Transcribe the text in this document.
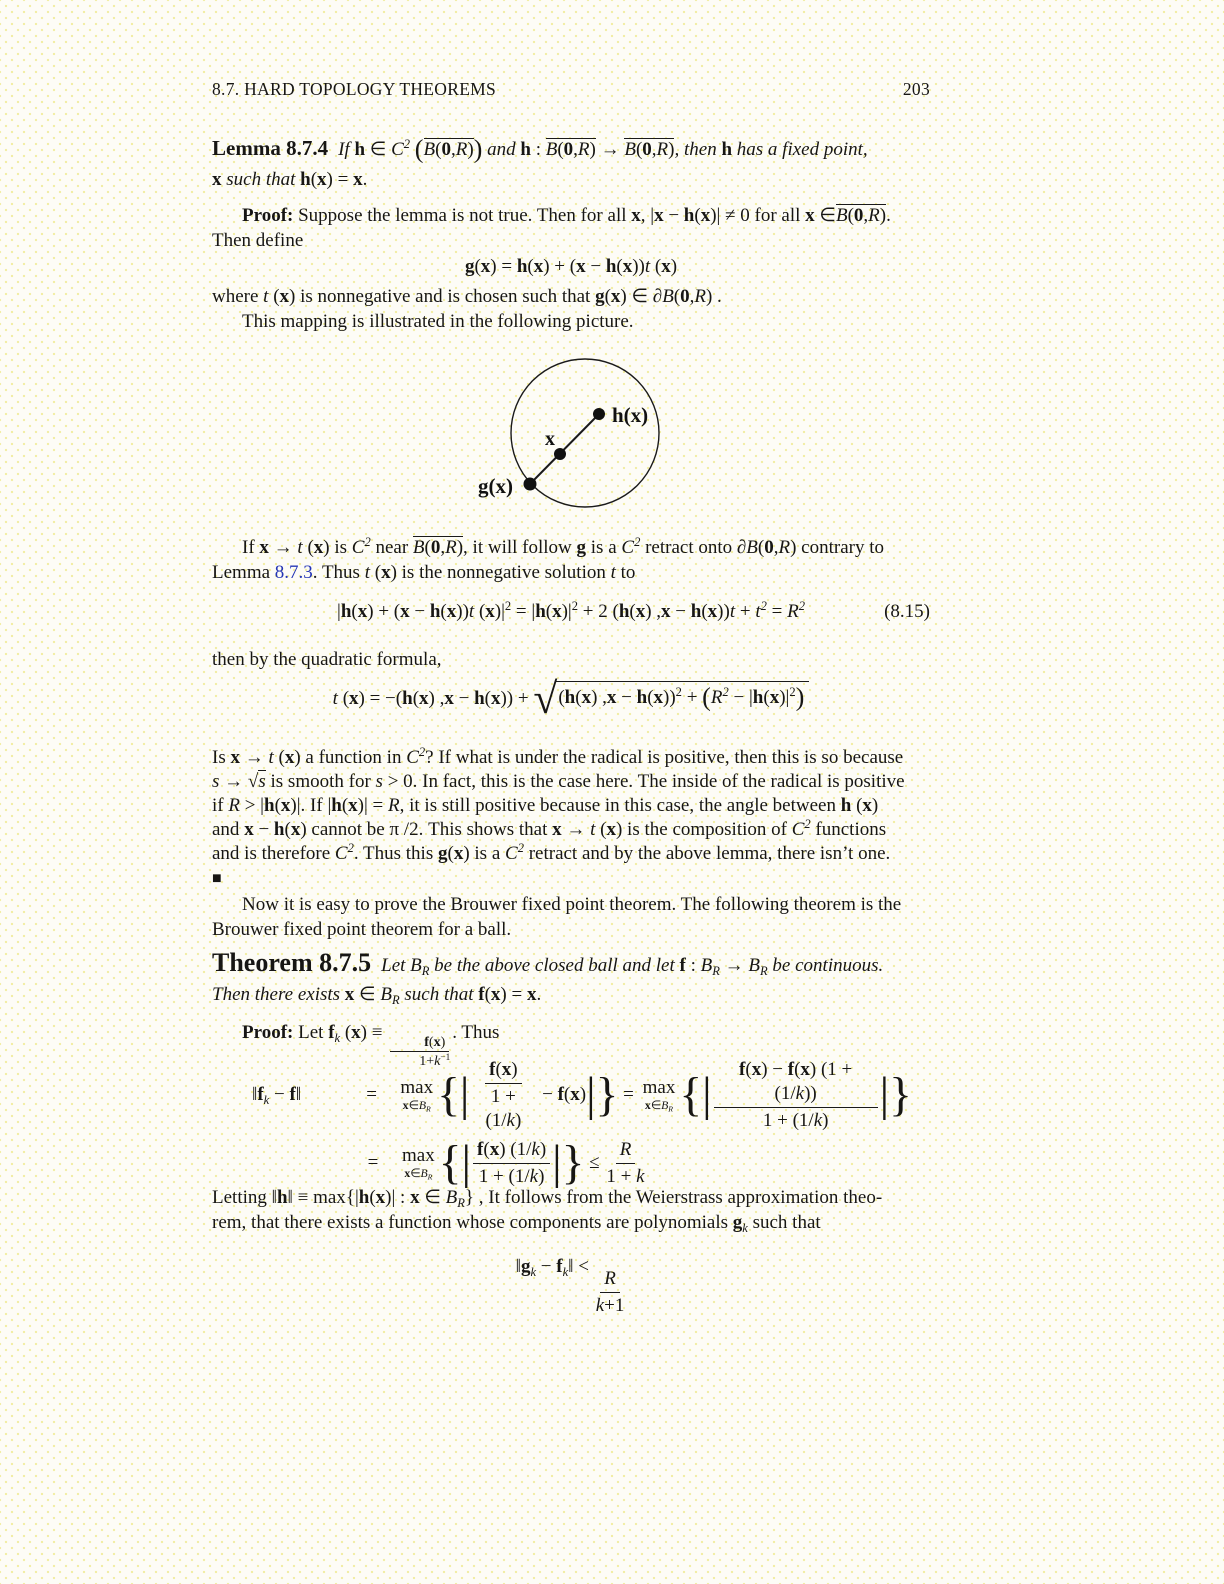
8.7. HARD TOPOLOGY THEOREMS	203
Lemma 8.7.4 If h ∈ $C^2$ (B(0,R)) and h : B(0,R) → B(0,R), then h has a fixed point,
x such that h(x) = x.
Proof: Suppose the lemma is not true. Then for all x, |x − h(x)| ≠ 0 for all x ∈B(0,R).
Then define
g(x) = h(x) + (x − h(x))t (x)
where t (x) is nonnegative and is chosen such that g(x) ∈ ∂B(0,R) .
This mapping is illustrated in the following picture.
h(x)
x
g(x)
If x → t (x) is $C^2$ near B(0,R), it will follow g is a $C^2$ retract onto ∂B(0,R) contrary to
Lemma 8.7.3. Thus t (x) is the nonnegative solution t to
|h(x) + (x − h(x))t $(x)|^2 = |h(x)|^2 + 2$ (h(x) $,x - h(x))t + t^2 = R^2$	(8.15)
then by the quadratic formula,
t (x) = −(h(x) ,x − h(x)) + √ (h(x) $,x - h(x))^2 + (R^2 - |h(x)|^2)$
Is x → t (x) a function in $C^2$? If what is under the radical is positive, then this is so because
s → √s is smooth for s > 0. In fact, this is the case here. The inside of the radical is positive
if R > |h(x)|. If |h(x)| = R, it is still positive because in this case, the angle between h (x)
and x − h(x) cannot be π /2. This shows that x → t (x) is the composition of $C^2$ functions
and is therefore $C^2$. Thus this g(x) is a $C^2$ retract and by the above lemma, there isn’t one.
■
Now it is easy to prove the Brouwer fixed point theorem. The following theorem is the
Brouwer fixed point theorem for a ball.
Theorem 8.7.5 Let $B_R$ be the above closed ball and let f : $B_R \to B_R$ be continuous.
Then there exists x ∈ $B_R$ such that f(x) = x.
Proof: Let $f_k$ (x) ≡
$\frac{f(x)}{1+k^{-1}}$
. Thus
$‖f_k$ − f‖	=	max
$x\in B_R$ { | $\frac{f(x)}{1 + (1/k)} - f$ ( x ) | } = max
$x\in B_R$ { | $\frac{f(x) - f(x) (1 + (1/k))}{1 + (1/k)}$ | }
=	max
$x\in B_R$ { | $\frac{f(x) (1/k)}{1 + (1/k)}$ | } ≤ $\frac{R}{1 + k}$
Letting ‖h‖ ≡ max{|h(x)| : x ∈ $B_R$} , It follows from the Weierstrass approximation theo-
rem, that there exists a function whose components are polynomials $g_k$ such that
$‖g_k$ − $f_k‖$ <
$\frac{R}{k+1}$
